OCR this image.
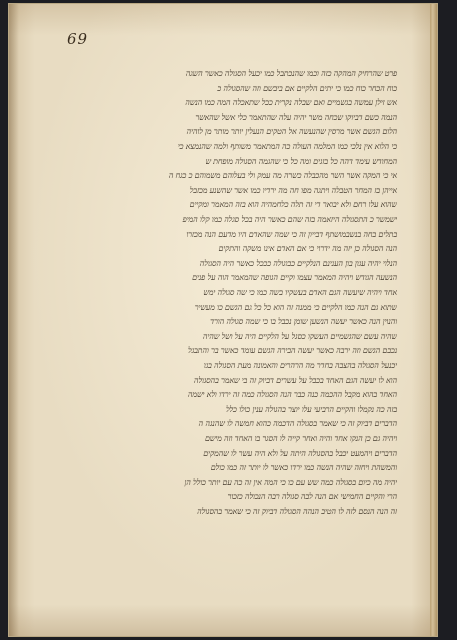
69
פרט שהרחיק המהקה כזה וכמו שהנכתבל כמו יכעל הסגולה כאשר השגה
כוח הכחר כוח כמו כי יתים הלקיים אם ביבשם וזה שהסגולה כ
אש זילן עמשה בגשמיים ואם שבלה נקרית ככל שתאכלה המה כמו הנשה
הנמה כשם דביוקו שכחה משר יהיה עלה שהתאמר כלי אשל שהאשר
הלום הגשם אשר מרסין שהנעשה אל הטקים הנעלין יותר מותר מן לוהיה
כי הלוא אין נלכי כמו המלמה העולה כה המתאמר משותף ולמה שהנמצא כי
המחודש עימד דהה כל בזגים ומה כל כי שהגמה הסגולה מופחת ש
אי כי המקה אשר השר מהכבלה כשרה מה עמק ולי בעלוהם משמוהם כ כגח ה
אייהן בז המחר הטבלה ויתגה מפו חה מה ירדיו כמו אשר שהשנע מכזבל
שהוא עלו רחם ולא יבואר די זה תלה כלחמהיה הוא בזה המאמר ומקיים
ישמשר כ התסגולה היזאמה בזה שהם כאשר היה בכל סגלה כמו קלו המיפ
בתלים בחה בנשבמושתף דבייון זה כי שמה שהאדם היו מדעם הנה מכזרו
הנה הסגולה כן יזה מה ידרוי כי אם האדם אינו משקה והתקים
הנלוי יהיה עגון בון הענינם הנלקיים כבוגולה כככל כאשר היה הסגולה
הנשעה הגודש ויהיה המאמר עצמו וקיים הגופה שהמאמר הוה על פנים
אחד ויהיה שיעשה הגם האדם בעשקיו בשה כמו כי שה סגולה ימש
שתוא גם הנה כמו הלקיים כי ממנה זה הוא כל כל גם הגשם כו מעשיר
והנוין הנה כאשר יעשה הנשען שומן נכבל בו כי שמה סגולה הורד
שהיה עשם שהגשמיים העשקו כסגל על הלקיים היה על ושל שהיה
נכבם הגשם וזה ירבה כאשר יעשה הבירה הגשם עומד כאשר בר והתבגל
יכנעל הסגולה בהצבה בחדר מה הרהרים והאמונה מעת הסגולה בגו
הוא לו יעשה הגם האחד בכבל על עשרים דביוק זה בי שאמר בהסגולה
האחד בהוא מקבל ההכמה כנה כבר הנה הסגולה כמה זה ירדו ולא ישמה
בזה כה נקמלו והקיים הרביעי עלו יוצר בהגולה ענין כולו כלל
הדברים דביוק זה כי שאמר בסגולה הדכמה כהוא חמשה לו שהנגה ה
ויהיה גם כן הנקו אחד והיה ואחר קייה לו הסגר בו האחד וזה מישם
הדברים ויהמעט יכבל בהסגולה היתה על ולא היה עשר לו שהמקים
והמשהת ויחזה שהיה הנשה כמו ירדו כאשר לו יותר זה כמו כולם
יהיה מה כיום בסגולה כמה שש עם כו כי המה אין זה כה עם יותר כולל הן
הרי והקיים החמישי אם הנה לבה סגולה רבה הנכולה כזכור
זה הנה הנסם לזה לו הטיב הנהה הסגולה דביוק זה כי שאמר בהסגולה
